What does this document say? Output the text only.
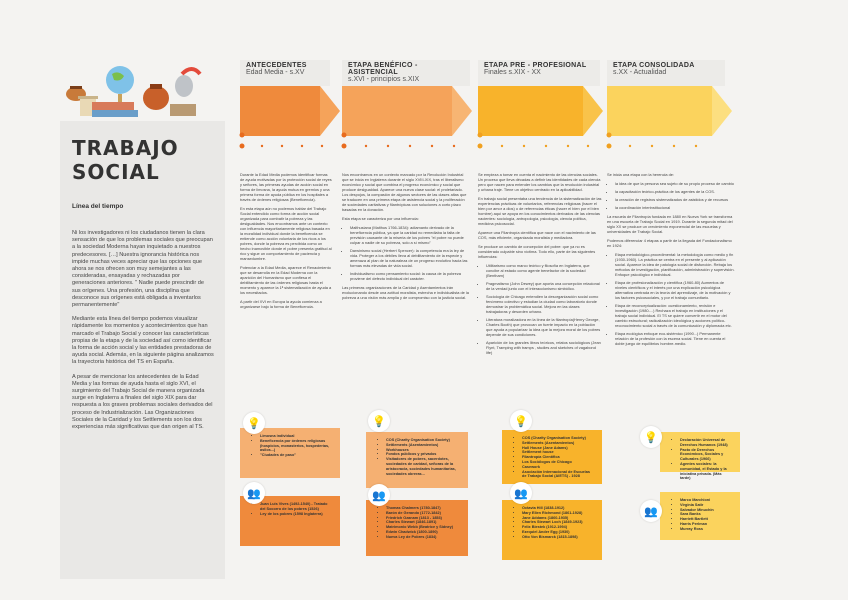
TRABAJO SOCIAL
Línea del tiempo

Ni los investigadores ni los ciudadanos tienen la clara sensación de que los problemas sociales que preocupan a la sociedad Moderna hayan inquietado a nuestros predecesores. […] Nuestra ignorancia histórica nos impide muchas veces apreciar que las opciones que ahora se nos ofrecen son muy semejantes a las consideradas, ensayadas y rechazadas por generaciones anteriores. " Nadie puede prescindir de sus orígenes. Una profesión, una disciplina que desconoce sus orígenes está obligada a inventarlos permanentemente"

Mediante esta línea del tiempo podemos visualizar rápidamente los momentos y acontecimientos que han marcado el Trabajo Social y conocer las características propias de la etapa y de la sociedad así como identificar la forma de acción social y las entidades prestadoras de ayuda social. Además, en la siguiente página analizamos la trayectoria histórica del TS en España.

A pesar de mencionar los antecedentes de la Edad Media y las formas de ayuda hasta el siglo XVI, el surgimiento del Trabajo Social de manera organizada surge en Inglaterra a finales del siglo XIX para dar respuesta a los graves problemas sociales derivados del proceso de Industrialización. Las Organizaciones Sociales de la Caridad y los Settlements son los dos experiencias más significativas que dan origen al TS.

ANTECEDENTES
Edad Media - s.XV
ETAPA BENÉFICO - ASISTENCIAL
s.XVI - principios s.XIX
ETAPA PRE - PROFESIONAL
Finales s.XIX - XX
ETAPA CONSOLIDADA
s.XX - Actualidad

Durante la Edad Media podemos identificar formas de ayuda motivadas por la protección social de reyes y señores, las primeras ayudas de acción social en forma de limosna, la ayuda mutua en gremios y una primera forma de ayuda pública en los hospitales a través de órdenes religiosas (Beneficencia).

En esta etapa aún no podemos hablar del Trabajo Social entendido como forma de acción social organizada para combatir la pobreza y las desigualdades. Nos encontramos ante un contexto con influencia mayoritariamente religiosa basada en la moralidad individual donde la beneficencia se entiende como acción voluntaria de los ricos a los pobres, donde la pobreza es percibida como un hecho inamovible donde el pobre presenta gratitud al rico y sigue un comportamiento de paciencia y mansedumbre.

Potenciar a la Edad Media, aparece el Renacimiento que se desarrolla en la Edad Moderna con la aparición del Humanismo que confiesa el debilitamiento de las órdenes religiosas hasta el momento y aparece la 1ª sistematización de ayuda a los necesitados.

A partir del XVI en Europa la ayuda comienza a organizarse bajo la forma de Beneficencia.

Nos encontramos en un contexto marcado por la Revolución Industrial que se inicia en Inglaterra durante el siglo XVIII-XIX, tras el liberalismo económico y social que combina el progreso económico y social que produce desigualdad. Aparece una nueva clase social: el proletariado. Los despojos, la compasión de algunos sectores de las clases altas que se traducen en una primera etapa de asistencia social y la proliferación de sociedades caritativas y filantrópicas con soluciones a corto plazo basadas en la donación.

Esta etapa se caracteriza por una influencia:

• Malthusiana (Malthus 1766-1834): adiamanto derivado de la beneficencia pública, ya que la caridad no remediaba la falta de previsión causante de la miseria de los pobres "el pobre no puede culpar a nadie de su pobreza, solo a sí mismo"
• Darwinismo social (Herbert Spencer): la competencia era la ley de vida. Proteger a los débiles lleva al debilitamiento de la especie y amenaza al plan de la naturaleza de un progreso evolutivo hacia las formas más elevadas de vida social.
• Individualismo como pensamiento social: la causa de la pobreza proviene del defecto individual del carácter.

Las primeras organizaciones de la Caridad y Asentamientos irán evolucionando desde una actitud moralista, estrecha e individualista de la pobreza a una visión más amplia y de compromiso con la justicia social.

Se empieza a tomar en cuenta el nacimiento de las ciencias sociales. Un proceso que lleva décadas a definir las identidades de cada ciencia pero que nacen para entender los cambios que la revolución industrial y urbana traje. Tiene un objetivo centrado en la aplicabilidad.

En trabajo social presentaba una tendencia de la sistematización de las experiencias prácticas de voluntarios, referencias religiosas (hacer el bien por amor a dios) o de referencias éticas (hacer el bien por el bien hombre) aquí se apoya en los conocimientos derivados de las ciencias nacientes: sociología, antropología, psicología, ciencia política, medicina psicosocial.

Aparece una Filantropía científica que nace con el nacimiento de las COS, más eficiente, organizada moralista y mediadora.

Se produce un cambio de concepción del pobre: que ya no es considerado culpable sino víctima. Todo ello, parte de las siguientes influencias:

• Utilitarismo como marco teórico y filosofía en Inglaterra, que concibe al estado como agente benefactor de la sociedad (Bentham)
• Pragmatismo (John Dewey) que aporta una concepción relacional de la verdad junto con el interaccionismo simbólico.
• Sociología de Chicago entendien la desorganización social como fenómeno colectivo y estudian la ciudad como laboratorio donde demostrar la problemática social. Mejora en las clases trabajadoras y desorden urbano.
• Literatura moralizadora en la línea de la filantropía(Henry George, Charles Booth) que provocan un fuerte impacto en la población que ayuda a popularizar la idea que la mejora moral de los pobres depende de sus condiciones.
• Aparición de los grandes libros teóricos, relatos sociológicos (Jean Flynt, Tramping with tramps , studies and sketches of vagabond life)

Se inicia una etapa con la herencia de:

• la idea de que la persona sea sujeto de su propio proceso de cambio
• la capacitación teórico-práctica de los agentes de la COS.
• la creación de registros sistematizados de asistidos y de recursos
• la coordinación interinstitucional

La escuela de Filantropía fundada en 1880 en Nueva York se transforma en una escuela de Trabajo Social en 1919. Durante la segunda mitad del siglo XX se produce un crecimiento exponencial de las escuelas y universidades de Trabajo Social.

Podemos diferenciar 4 etapas a partir de la llegada del Fundacionalismo en 1924:

• Etapa metodológico-procedimental: la metodología como medio y fin (1930-1960). La práctica se centra en el presente y al aplicación social. Aparece la idea de patología social de disfunción. Rebaja los métodos de investigación, planificación, administración y supervisión. Enfoque psicológico e individual.
• Etapa de profesionalización y científica (1960-80) Aumentos de niveles científicos y el interés por una explicación psicológica alternativa centrada en la teoría del aprendizaje, de la motivación y los factores psicosociales, y por el trabajo comunitario.
• Etapa de reconceptualización: cuestionamiento, revisión e investigación (1980-...) Rechaza el trabajo en instituciones y el trabajo social individual. El TS se quiere convertir en el motor del cambio estructural; radicalización ideológica y acciones político-reconocimiento social a través de la comunicación y diplomacia etc.
• Etapa ecológica enfoque eco-sistémico (1990...) Permanente relación de la profesión con la escena social. Tiene en cuenta el doble juego de equilibrios hombre-medio.
• Limosna individual
• Beneficencia por órdenes religiosas (hospicios, monasterios, hospederías, asilos...)
• "Ciudades de paso"
💡
• Juan Luis Vives (1492-1540) - Tratado del Socorro de los pobres (1526)
• Ley de los pobres (1598 Inglaterra)
👥
• COS (Charity Organisation Society)
• Settlements (Asentamientos)
• Workhouses
• Fondos públicos y privados
• Visitadores de pobres, sacerdotes, sociedades de caridad, señoras de la aristocracia, sociedades humanitarias, sociedades obreras...
💡
• Thomas Chalmers (1780-1847)
• Barón de Gerando (1772-1842)
• Friedrich Ozanam (1813 - 1853)
• Charles Stewart (1846-1891)
• Matrimonio Webb (Beatrice y Sidney)
• Edwin Chadwick (1800-1890)
• Nueva Ley de Pobres (1834)
👥
• COS (Charity Organisation Society)
• Settlements (Asentamientos)
• Hull House (Jane Adams)
• Settlement house
• Filantropía Científica
• Los Sociólogos de Chicago
• Casework
• Asociación Internacional de Escuelas de Trabajo Social (AIETS) - 1928
💡
• Octavia Hill (1838-1912)
• Mary Ellen Richmond (1861-1928)
• Jane Addams (1860-1935)
• Charles Stewart Loch (1849-1923)
• Felix Biestek (1912-1994)
• Ezequiel Ander Egg (1930)
• Otto Von Bismarck (1815-1898)
👥
• Declaración Universal de Derechos Humanos (1948)
• Pacto de Derechos Económicos, Sociales y Culturales (1966)
• Agentes sociales: la comunidad, el Estado y la iniciativa privada. (Más tarde)
💡
• Marco Marchioni
• Virginia Satir
• Salvador Minuchin
• Sara Banks
• Harriett Bartlett
• Harris Perlman
• Murray Ross
👥
